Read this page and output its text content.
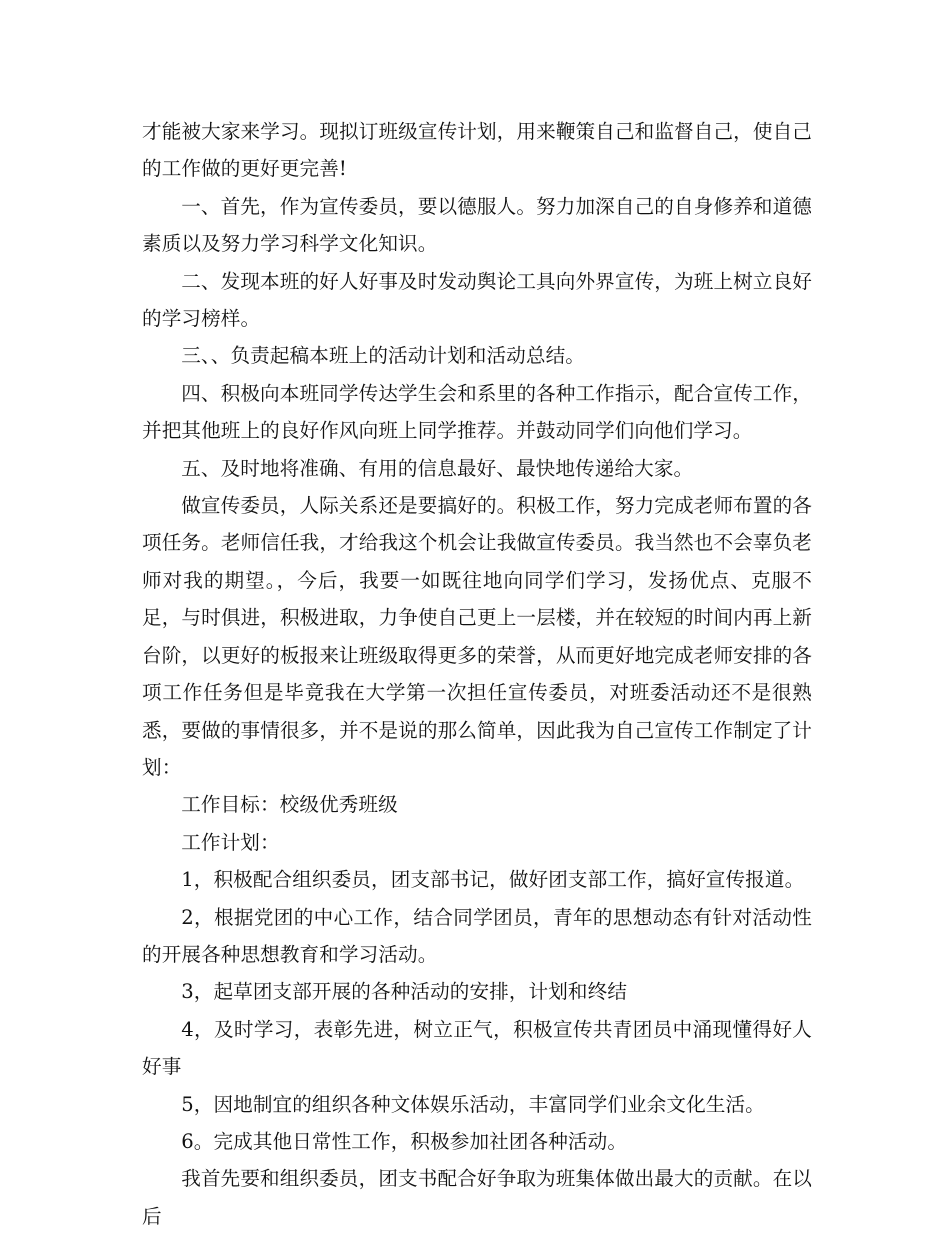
才能被大家来学习。现拟订班级宣传计划，用来鞭策自己和监督自己，使自己的工作做的更好更完善!

一、首先，作为宣传委员，要以德服人。努力加深自己的自身修养和道德素质以及努力学习科学文化知识。

二、发现本班的好人好事及时发动舆论工具向外界宣传，为班上树立良好的学习榜样。

三、、负责起稿本班上的活动计划和活动总结。

四、积极向本班同学传达学生会和系里的各种工作指示，配合宣传工作，并把其他班上的良好作风向班上同学推荐。并鼓动同学们向他们学习。

五、及时地将准确、有用的信息最好、最快地传递给大家。

做宣传委员，人际关系还是要搞好的。积极工作，努力完成老师布置的各项任务。老师信任我，才给我这个机会让我做宣传委员。我当然也不会辜负老师对我的期望。，今后，我要一如既往地向同学们学习，发扬优点、克服不足，与时俱进，积极进取，力争使自己更上一层楼，并在较短的时间内再上新台阶，以更好的板报来让班级取得更多的荣誉，从而更好地完成老师安排的各项工作任务但是毕竟我在大学第一次担任宣传委员，对班委活动还不是很熟悉，要做的事情很多，并不是说的那么简单，因此我为自己宣传工作制定了计划：

工作目标：校级优秀班级

工作计划：

1，积极配合组织委员，团支部书记，做好团支部工作，搞好宣传报道。

2，根据党团的中心工作，结合同学团员，青年的思想动态有针对活动性的开展各种思想教育和学习活动。

3，起草团支部开展的各种活动的安排，计划和终结

4，及时学习，表彰先进，树立正气，积极宣传共青团员中涌现懂得好人好事

5，因地制宜的组织各种文体娱乐活动，丰富同学们业余文化生活。

6。完成其他日常性工作，积极参加社团各种活动。

我首先要和组织委员，团支书配合好争取为班集体做出最大的贡献。在以后
